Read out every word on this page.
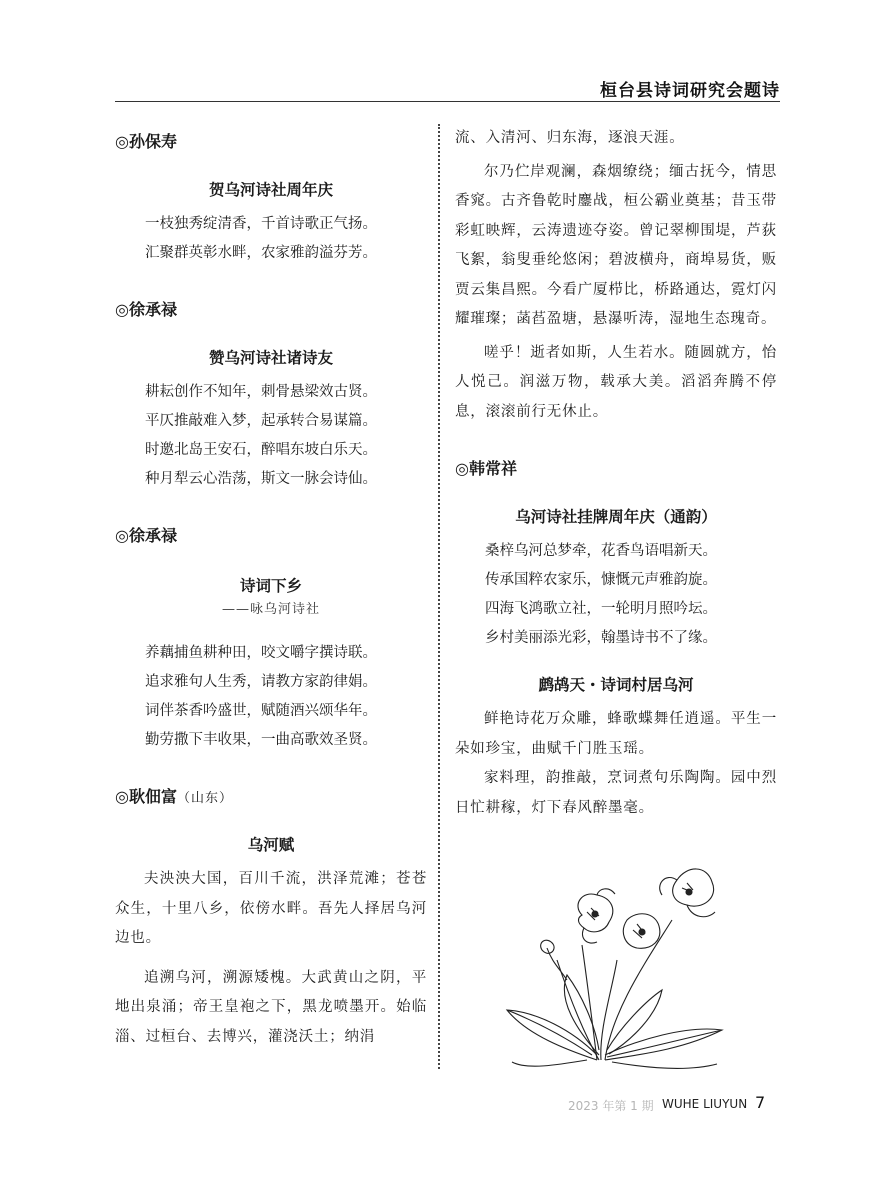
桓台县诗词研究会题诗
◎孙保寿
贺乌河诗社周年庆
一枝独秀绽清香，千首诗歌正气扬。
汇聚群英彰水畔，农家雅韵溢芬芳。
◎徐承禄
赞乌河诗社诸诗友
耕耘创作不知年，刺骨悬梁效古贤。
平仄推敲难入梦，起承转合易谋篇。
时邀北岛王安石，醉唱东坡白乐天。
种月犁云心浩荡，斯文一脉会诗仙。
◎徐承禄
诗词下乡
——咏乌河诗社
养藕捕鱼耕种田，咬文嚼字撰诗联。
追求雅句人生秀，请教方家韵律娟。
词伴茶香吟盛世，赋随酒兴颂华年。
勤劳撒下丰收果，一曲高歌效圣贤。
◎耿佃富（山东）
乌河赋

夫泱泱大国，百川千流，洪泽荒滩；苍苍众生，十里八乡，依傍水畔。吾先人择居乌河边也。

追溯乌河，溯源矮槐。大武黄山之阴，平地出泉涌；帝王皇袍之下，黑龙喷墨开。始临淄、过桓台、去博兴，灌浇沃土；纳涓

流、入清河、归东海，逐浪天涯。

尔乃伫岸观澜，森烟缭绕；缅古抚今，情思香窕。古齐鲁乾时鏖战，桓公霸业奠基；昔玉带彩虹映辉，云涛遗迹夺姿。曾记翠柳围堤，芦荻飞絮，翁叟垂纶悠闲；碧波横舟，商埠易货，贩贾云集昌熙。今看广厦栉比，桥路通达，霓灯闪耀璀璨；菡萏盈塘，悬瀑听涛，湿地生态瑰奇。

嗟乎！逝者如斯，人生若水。随圆就方，怡人悦己。润滋万物，载承大美。滔滔奔腾不停息，滚滚前行无休止。

◎韩常祥
乌河诗社挂牌周年庆（通韵）
桑梓乌河总梦牵，花香鸟语唱新天。
传承国粹农家乐，慷慨元声雅韵旋。
四海飞鸿歌立社，一轮明月照吟坛。
乡村美丽添光彩，翰墨诗书不了缘。
鹧鸪天・诗词村居乌河

鲜艳诗花万众雕，蜂歌蝶舞任逍遥。平生一朵如珍宝，曲赋千门胜玉瑶。

家料理，韵推敲，烹词煮句乐陶陶。园中烈日忙耕稼，灯下春风醉墨毫。

2023 年第 1 期 WUHE LIUYUN 7
